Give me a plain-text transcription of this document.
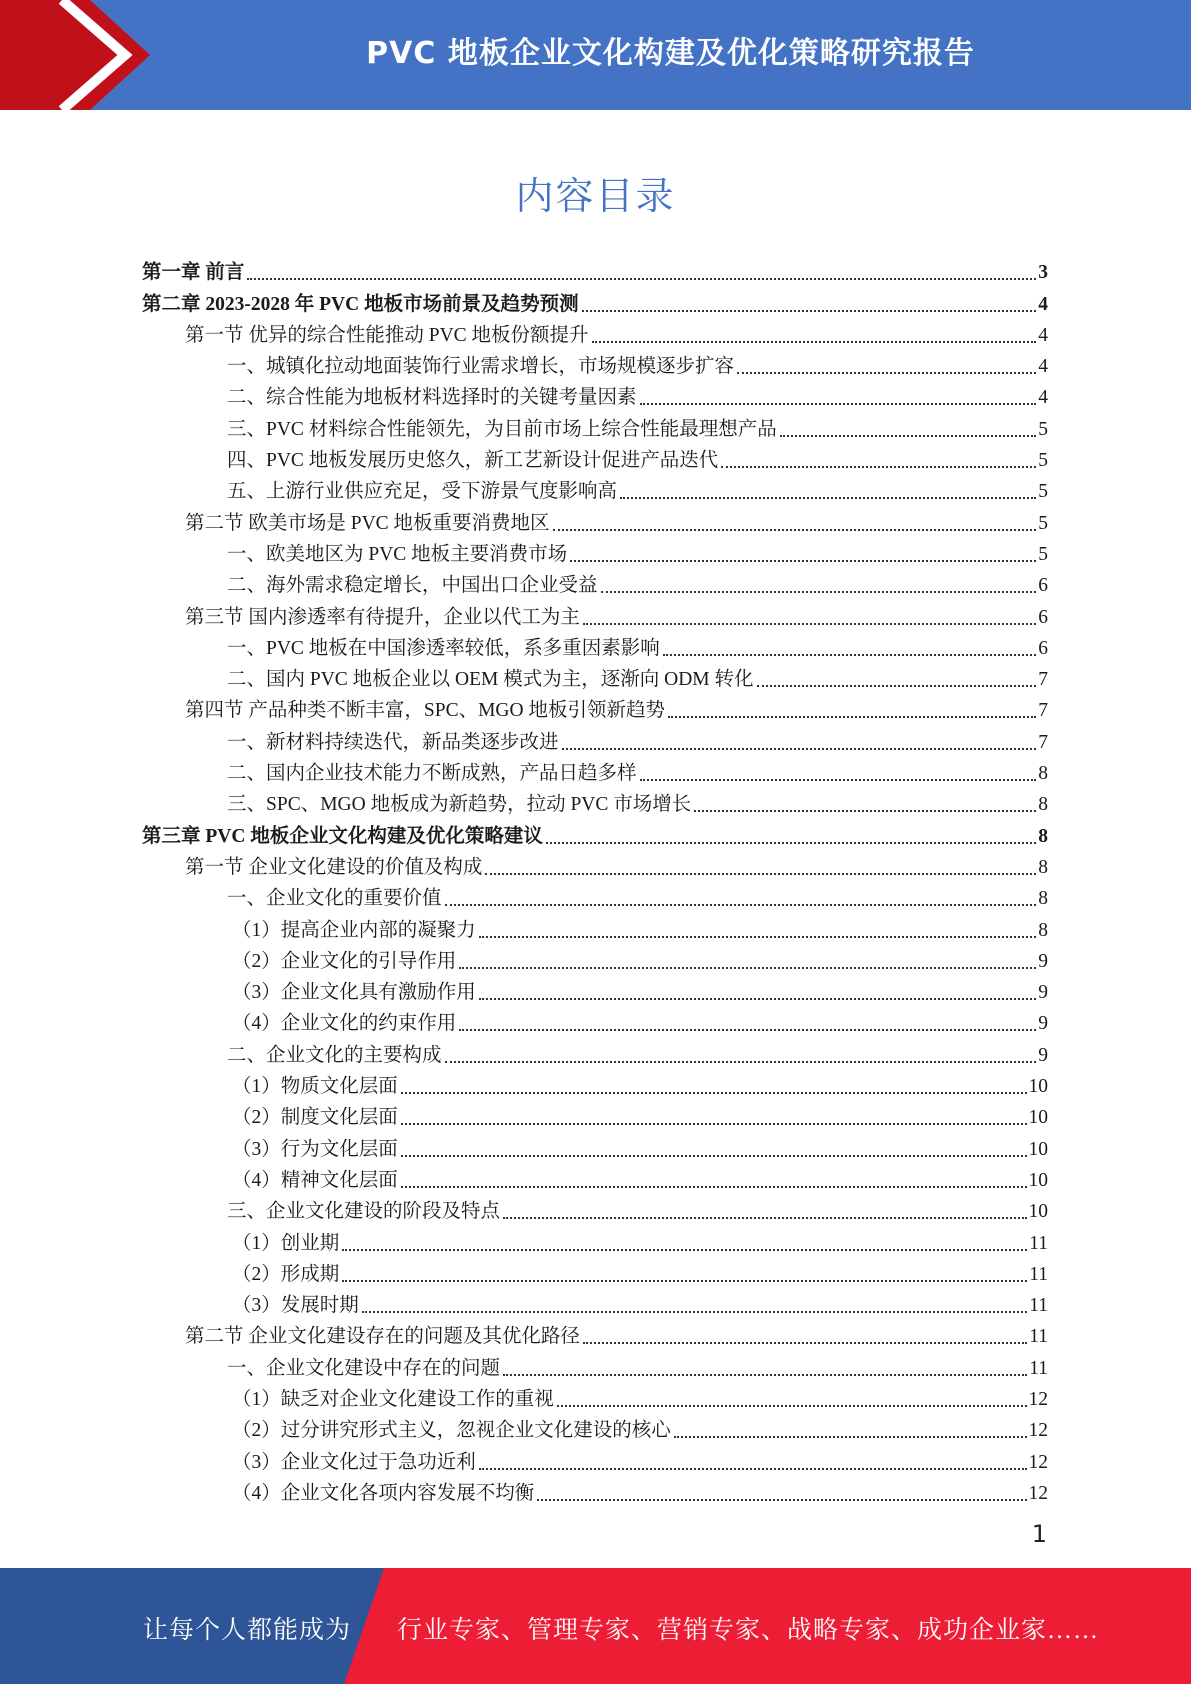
PVC 地板企业文化构建及优化策略研究报告
内容目录
第一章 前言	3
第二章 2023-2028 年 PVC 地板市场前景及趋势预测	4
第一节 优异的综合性能推动 PVC 地板份额提升	4
一、城镇化拉动地面装饰行业需求增长，市场规模逐步扩容	4
二、综合性能为地板材料选择时的关键考量因素	4
三、PVC 材料综合性能领先，为目前市场上综合性能最理想产品	5
四、PVC 地板发展历史悠久，新工艺新设计促进产品迭代	5
五、上游行业供应充足，受下游景气度影响高	5
第二节 欧美市场是 PVC 地板重要消费地区	5
一、欧美地区为 PVC 地板主要消费市场	5
二、海外需求稳定增长，中国出口企业受益	6
第三节 国内渗透率有待提升，企业以代工为主	6
一、PVC 地板在中国渗透率较低，系多重因素影响	6
二、国内 PVC 地板企业以 OEM 模式为主，逐渐向 ODM 转化	7
第四节 产品种类不断丰富，SPC、MGO 地板引领新趋势	7
一、新材料持续迭代，新品类逐步改进	7
二、国内企业技术能力不断成熟，产品日趋多样	8
三、SPC、MGO 地板成为新趋势，拉动 PVC 市场增长	8
第三章 PVC 地板企业文化构建及优化策略建议	8
第一节 企业文化建设的价值及构成	8
一、企业文化的重要价值	8
（1）提高企业内部的凝聚力	8
（2）企业文化的引导作用	9
（3）企业文化具有激励作用	9
（4）企业文化的约束作用	9
二、企业文化的主要构成	9
（1）物质文化层面	10
（2）制度文化层面	10
（3）行为文化层面	10
（4）精神文化层面	10
三、企业文化建设的阶段及特点	10
（1）创业期	11
（2）形成期	11
（3）发展时期	11
第二节 企业文化建设存在的问题及其优化路径	11
一、企业文化建设中存在的问题	11
（1）缺乏对企业文化建设工作的重视	12
（2）过分讲究形式主义，忽视企业文化建设的核心	12
（3）企业文化过于急功近利	12
（4）企业文化各项内容发展不均衡	12
1
让每个人都能成为 行业专家、管理专家、营销专家、战略专家、成功企业家……
